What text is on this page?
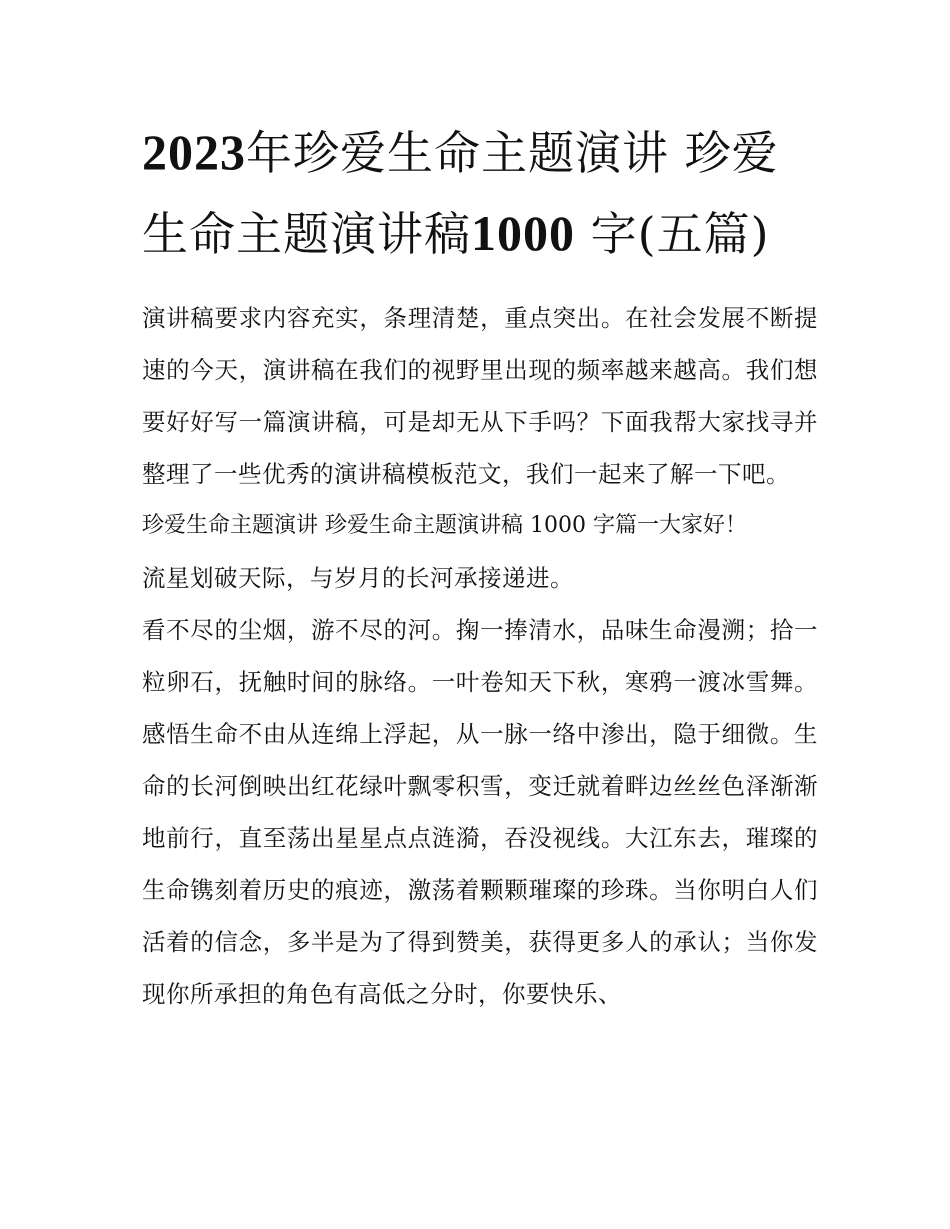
2023年珍爱生命主题演讲 珍爱生命主题演讲稿1000 字(五篇)

演讲稿要求内容充实，条理清楚，重点突出。在社会发展不断提速的今天，演讲稿在我们的视野里出现的频率越来越高。我们想要好好写一篇演讲稿，可是却无从下手吗？下面我帮大家找寻并整理了一些优秀的演讲稿模板范文，我们一起来了解一下吧。

珍爱生命主题演讲 珍爱生命主题演讲稿 1000 字篇一大家好！

流星划破天际，与岁月的长河承接递进。

看不尽的尘烟，游不尽的河。掬一捧清水，品味生命漫溯；拾一粒卵石，抚触时间的脉络。一叶卷知天下秋，寒鸦一渡冰雪舞。感悟生命不由从连绵上浮起，从一脉一络中渗出，隐于细微。生命的长河倒映出红花绿叶飘零积雪，变迁就着畔边丝丝色泽渐渐地前行，直至荡出星星点点涟漪，吞没视线。大江东去，璀璨的生命镌刻着历史的痕迹，激荡着颗颗璀璨的珍珠。当你明白人们活着的信念，多半是为了得到赞美，获得更多人的承认；当你发现你所承担的角色有高低之分时，你要快乐、
